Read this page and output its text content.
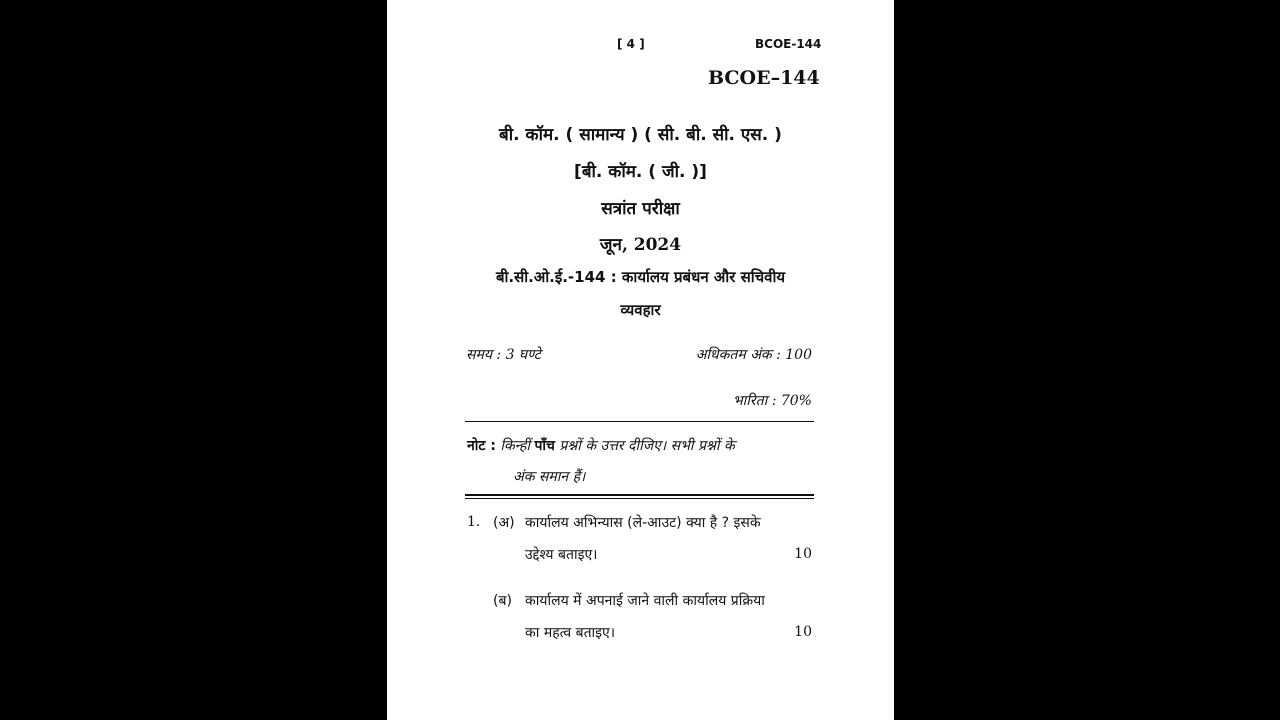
[ 4 ]	BCOE-144
BCOE–144
बी. कॉम. ( सामान्य ) ( सी. बी. सी. एस. )
[बी. कॉम. ( जी. )]
सत्रांत परीक्षा
जून, 2024
बी.सी.ओ.ई.-144 : कार्यालय प्रबंधन और सचिवीय
व्यवहार
समय : 3 घण्टे	अधिकतम अंक : 100
भारिता : 70%
नोट : किन्हीं पाँच प्रश्नों के उत्तर दीजिए। सभी प्रश्नों के
अंक समान हैं।
1. (अ) कार्यालय अभिन्यास (ले-आउट) क्या है ? इसके
उद्देश्य बताइए।	10
(ब) कार्यालय में अपनाई जाने वाली कार्यालय प्रक्रिया
का महत्व बताइए।	10
